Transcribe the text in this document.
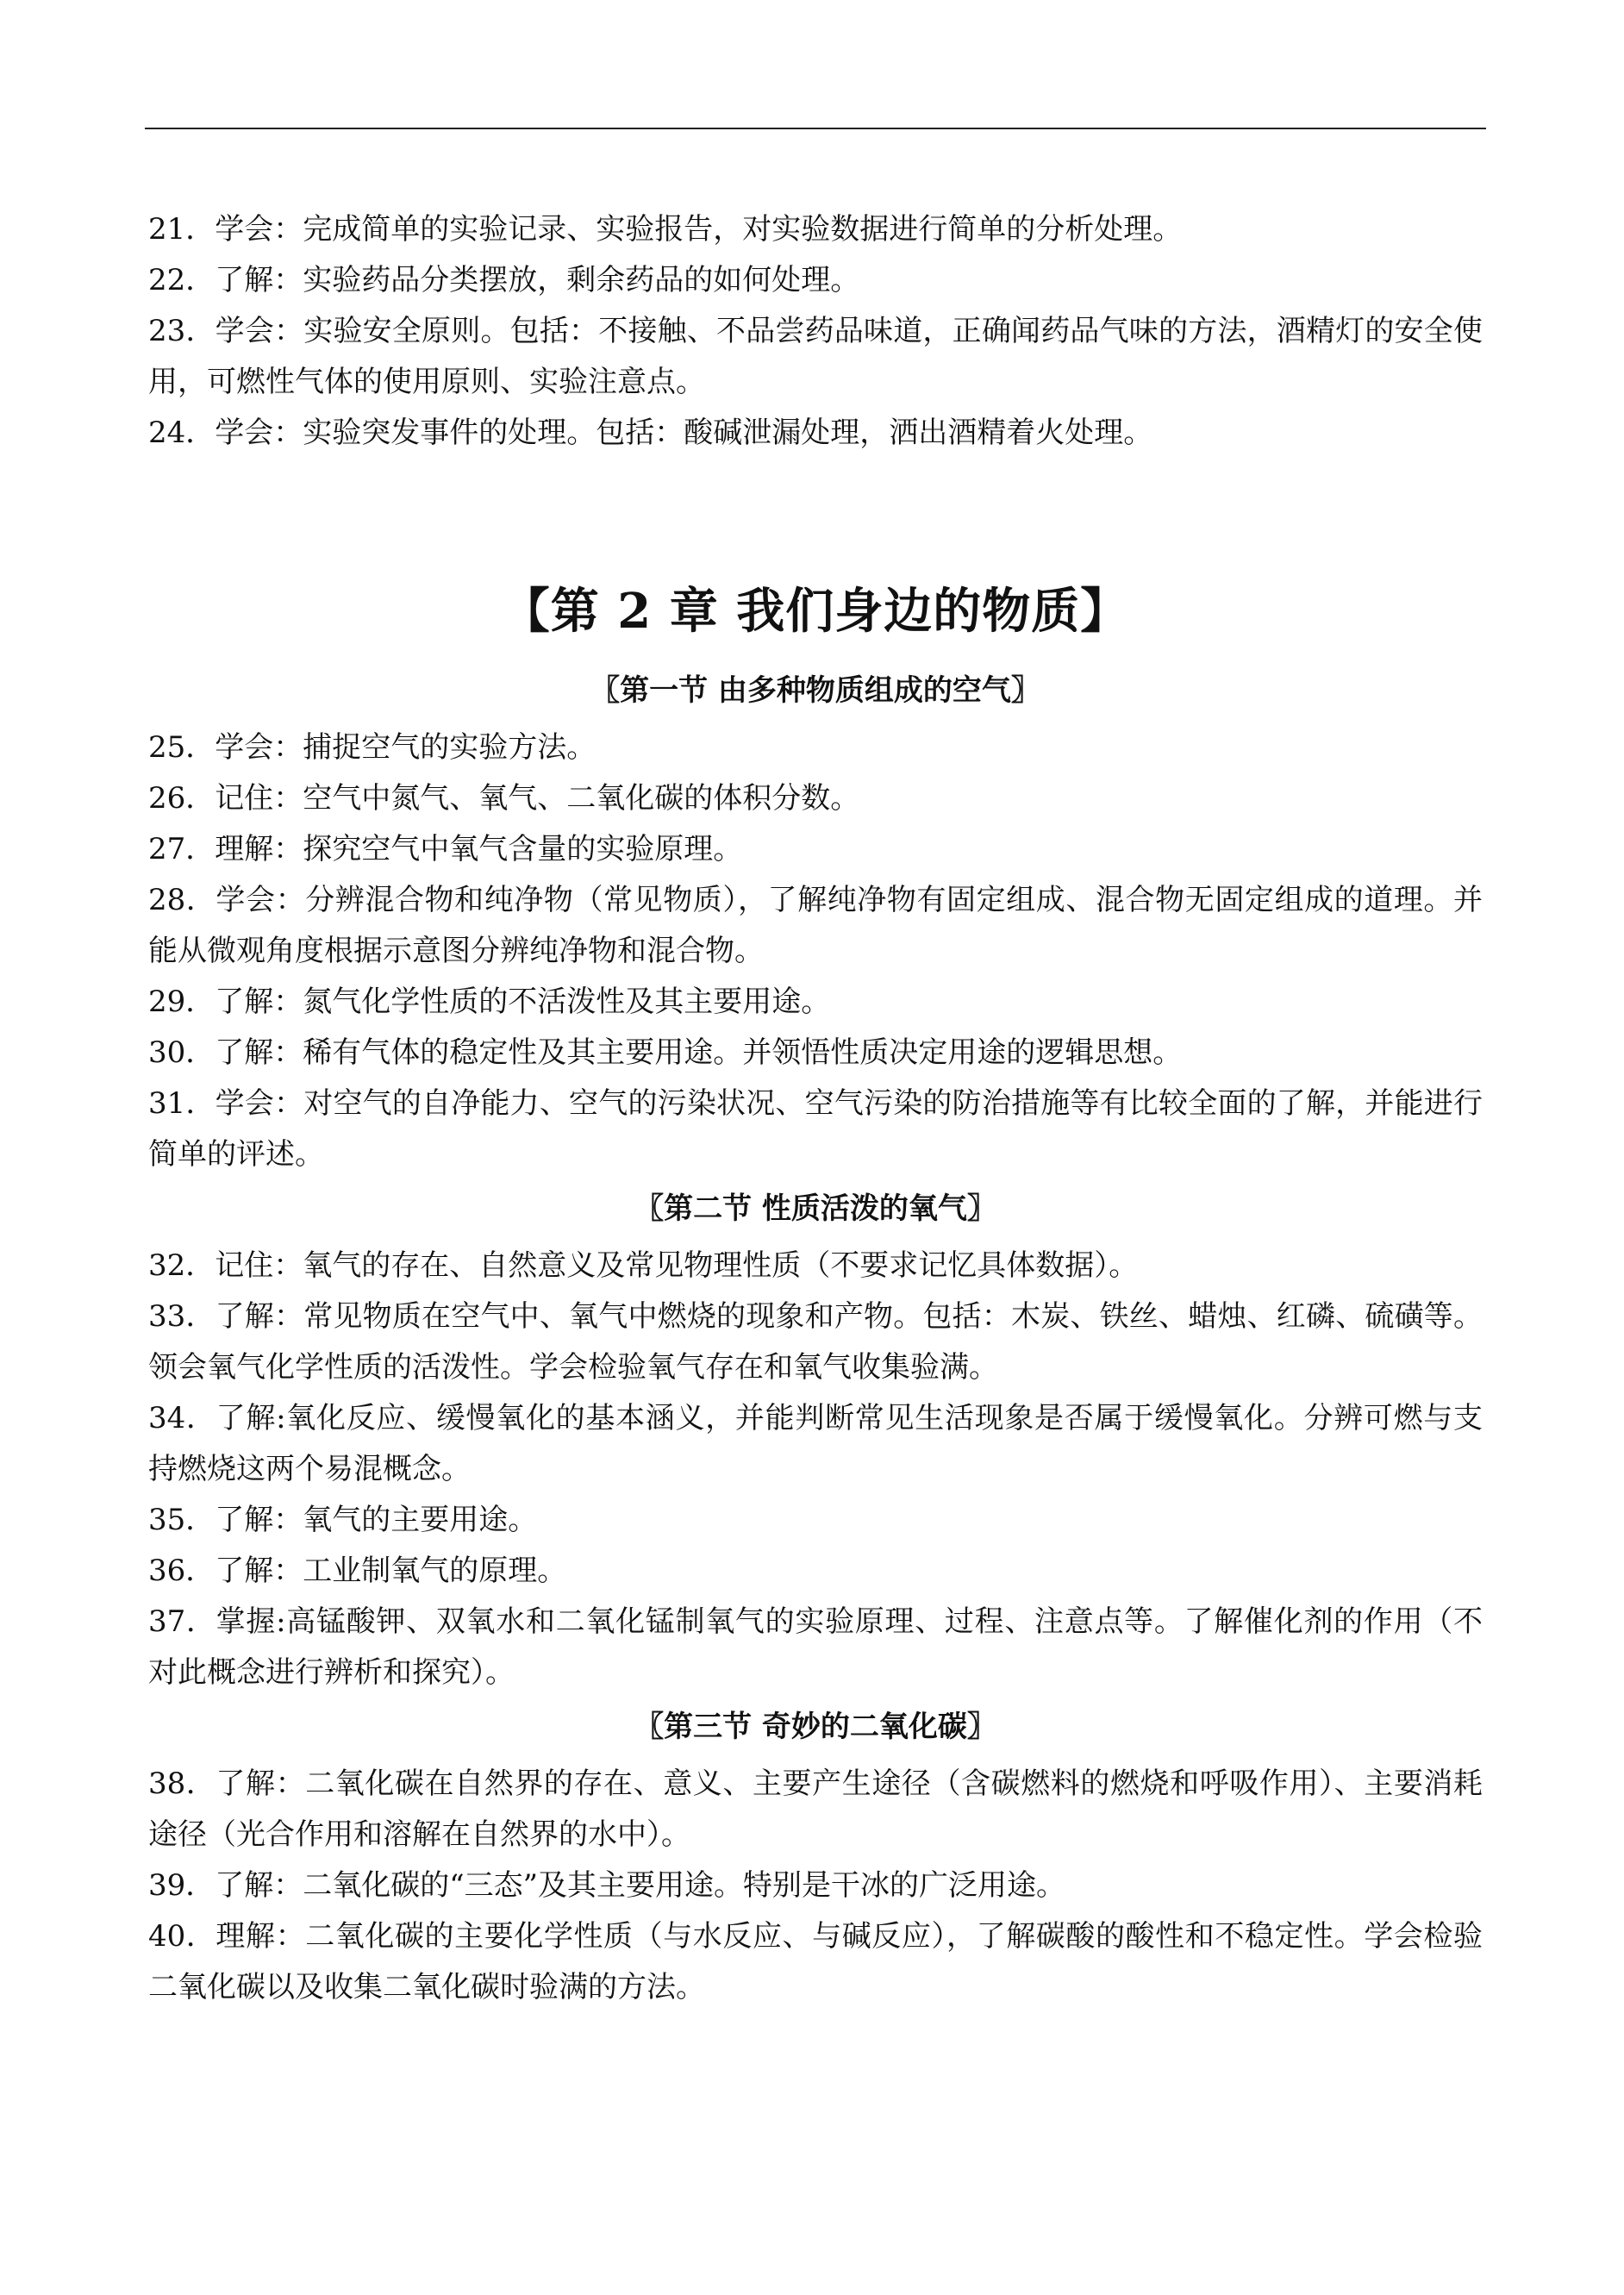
21．学会：完成简单的实验记录、实验报告，对实验数据进行简单的分析处理。

22．了解：实验药品分类摆放，剩余药品的如何处理。

23．学会：实验安全原则。包括：不接触、不品尝药品味道，正确闻药品气味的方法，酒精灯的安全使用，可燃性气体的使用原则、实验注意点。

24．学会：实验突发事件的处理。包括：酸碱泄漏处理，洒出酒精着火处理。

【第 2 章 我们身边的物质】
〖第一节 由多种物质组成的空气〗

25．学会：捕捉空气的实验方法。

26．记住：空气中氮气、氧气、二氧化碳的体积分数。

27．理解：探究空气中氧气含量的实验原理。

28．学会：分辨混合物和纯净物（常见物质），了解纯净物有固定组成、混合物无固定组成的道理。并能从微观角度根据示意图分辨纯净物和混合物。

29．了解：氮气化学性质的不活泼性及其主要用途。

30．了解：稀有气体的稳定性及其主要用途。并领悟性质决定用途的逻辑思想。

31．学会：对空气的自净能力、空气的污染状况、空气污染的防治措施等有比较全面的了解，并能进行简单的评述。

〖第二节 性质活泼的氧气〗

32．记住：氧气的存在、自然意义及常见物理性质（不要求记忆具体数据）。

33．了解：常见物质在空气中、氧气中燃烧的现象和产物。包括：木炭、铁丝、蜡烛、红磷、硫磺等。领会氧气化学性质的活泼性。学会检验氧气存在和氧气收集验满。

34．了解:氧化反应、缓慢氧化的基本涵义，并能判断常见生活现象是否属于缓慢氧化。分辨可燃与支持燃烧这两个易混概念。

35．了解：氧气的主要用途。

36．了解：工业制氧气的原理。

37．掌握:高锰酸钾、双氧水和二氧化锰制氧气的实验原理、过程、注意点等。了解催化剂的作用（不对此概念进行辨析和探究）。

〖第三节 奇妙的二氧化碳〗

38．了解：二氧化碳在自然界的存在、意义、主要产生途径（含碳燃料的燃烧和呼吸作用）、主要消耗途径（光合作用和溶解在自然界的水中）。

39．了解：二氧化碳的“三态”及其主要用途。特别是干冰的广泛用途。

40．理解：二氧化碳的主要化学性质（与水反应、与碱反应），了解碳酸的酸性和不稳定性。学会检验二氧化碳以及收集二氧化碳时验满的方法。
